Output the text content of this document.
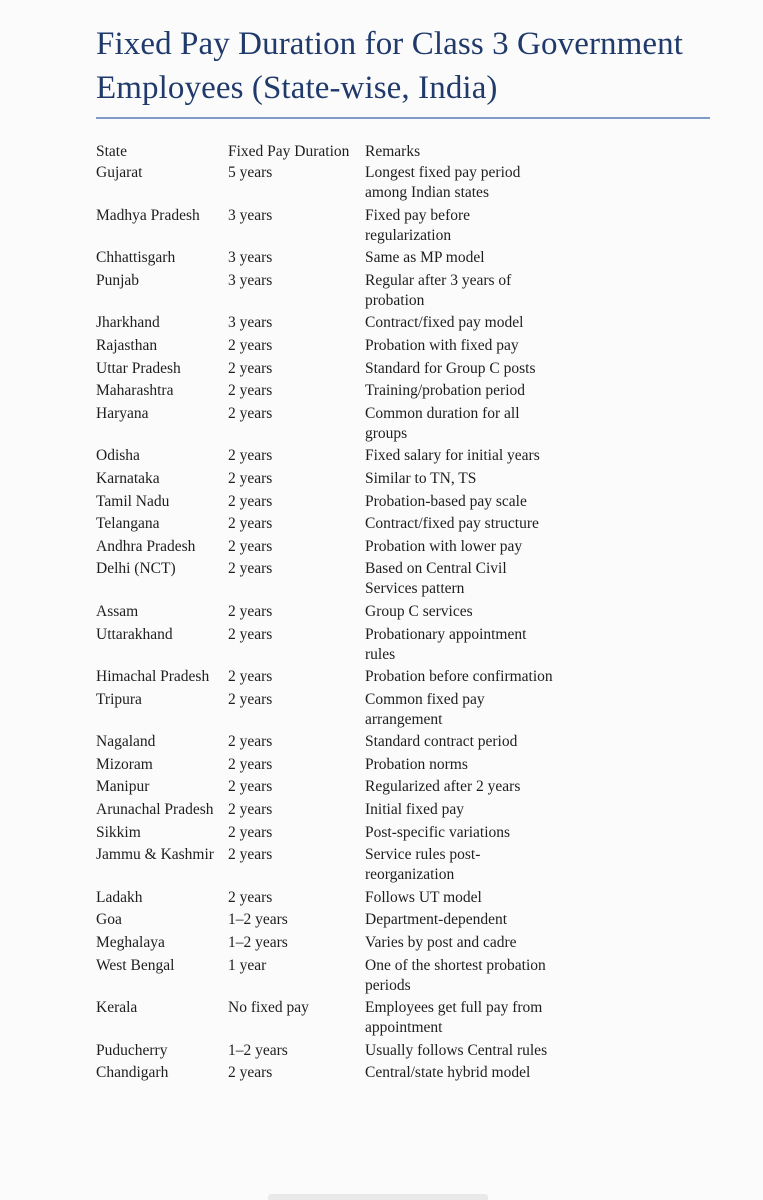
Fixed Pay Duration for Class 3 Government Employees (State-wise, India)
State	Fixed Pay Duration	Remarks
Gujarat	5 years	Longest fixed pay period among Indian states
Madhya Pradesh	3 years	Fixed pay before regularization
Chhattisgarh	3 years	Same as MP model
Punjab	3 years	Regular after 3 years of probation
Jharkhand	3 years	Contract/fixed pay model
Rajasthan	2 years	Probation with fixed pay
Uttar Pradesh	2 years	Standard for Group C posts
Maharashtra	2 years	Training/probation period
Haryana	2 years	Common duration for all groups
Odisha	2 years	Fixed salary for initial years
Karnataka	2 years	Similar to TN, TS
Tamil Nadu	2 years	Probation-based pay scale
Telangana	2 years	Contract/fixed pay structure
Andhra Pradesh	2 years	Probation with lower pay
Delhi (NCT)	2 years	Based on Central Civil Services pattern
Assam	2 years	Group C services
Uttarakhand	2 years	Probationary appointment rules
Himachal Pradesh	2 years	Probation before confirmation
Tripura	2 years	Common fixed pay arrangement
Nagaland	2 years	Standard contract period
Mizoram	2 years	Probation norms
Manipur	2 years	Regularized after 2 years
Arunachal Pradesh 2 years	Initial fixed pay
Sikkim	2 years	Post-specific variations
Jammu & Kashmir 2 years	Service rules post-reorganization
Ladakh	2 years	Follows UT model
Goa	1–2 years	Department-dependent
Meghalaya	1–2 years	Varies by post and cadre
West Bengal	1 year	One of the shortest probation periods
Kerala	No fixed pay	Employees get full pay from appointment
Puducherry	1–2 years	Usually follows Central rules
Chandigarh	2 years	Central/state hybrid model
